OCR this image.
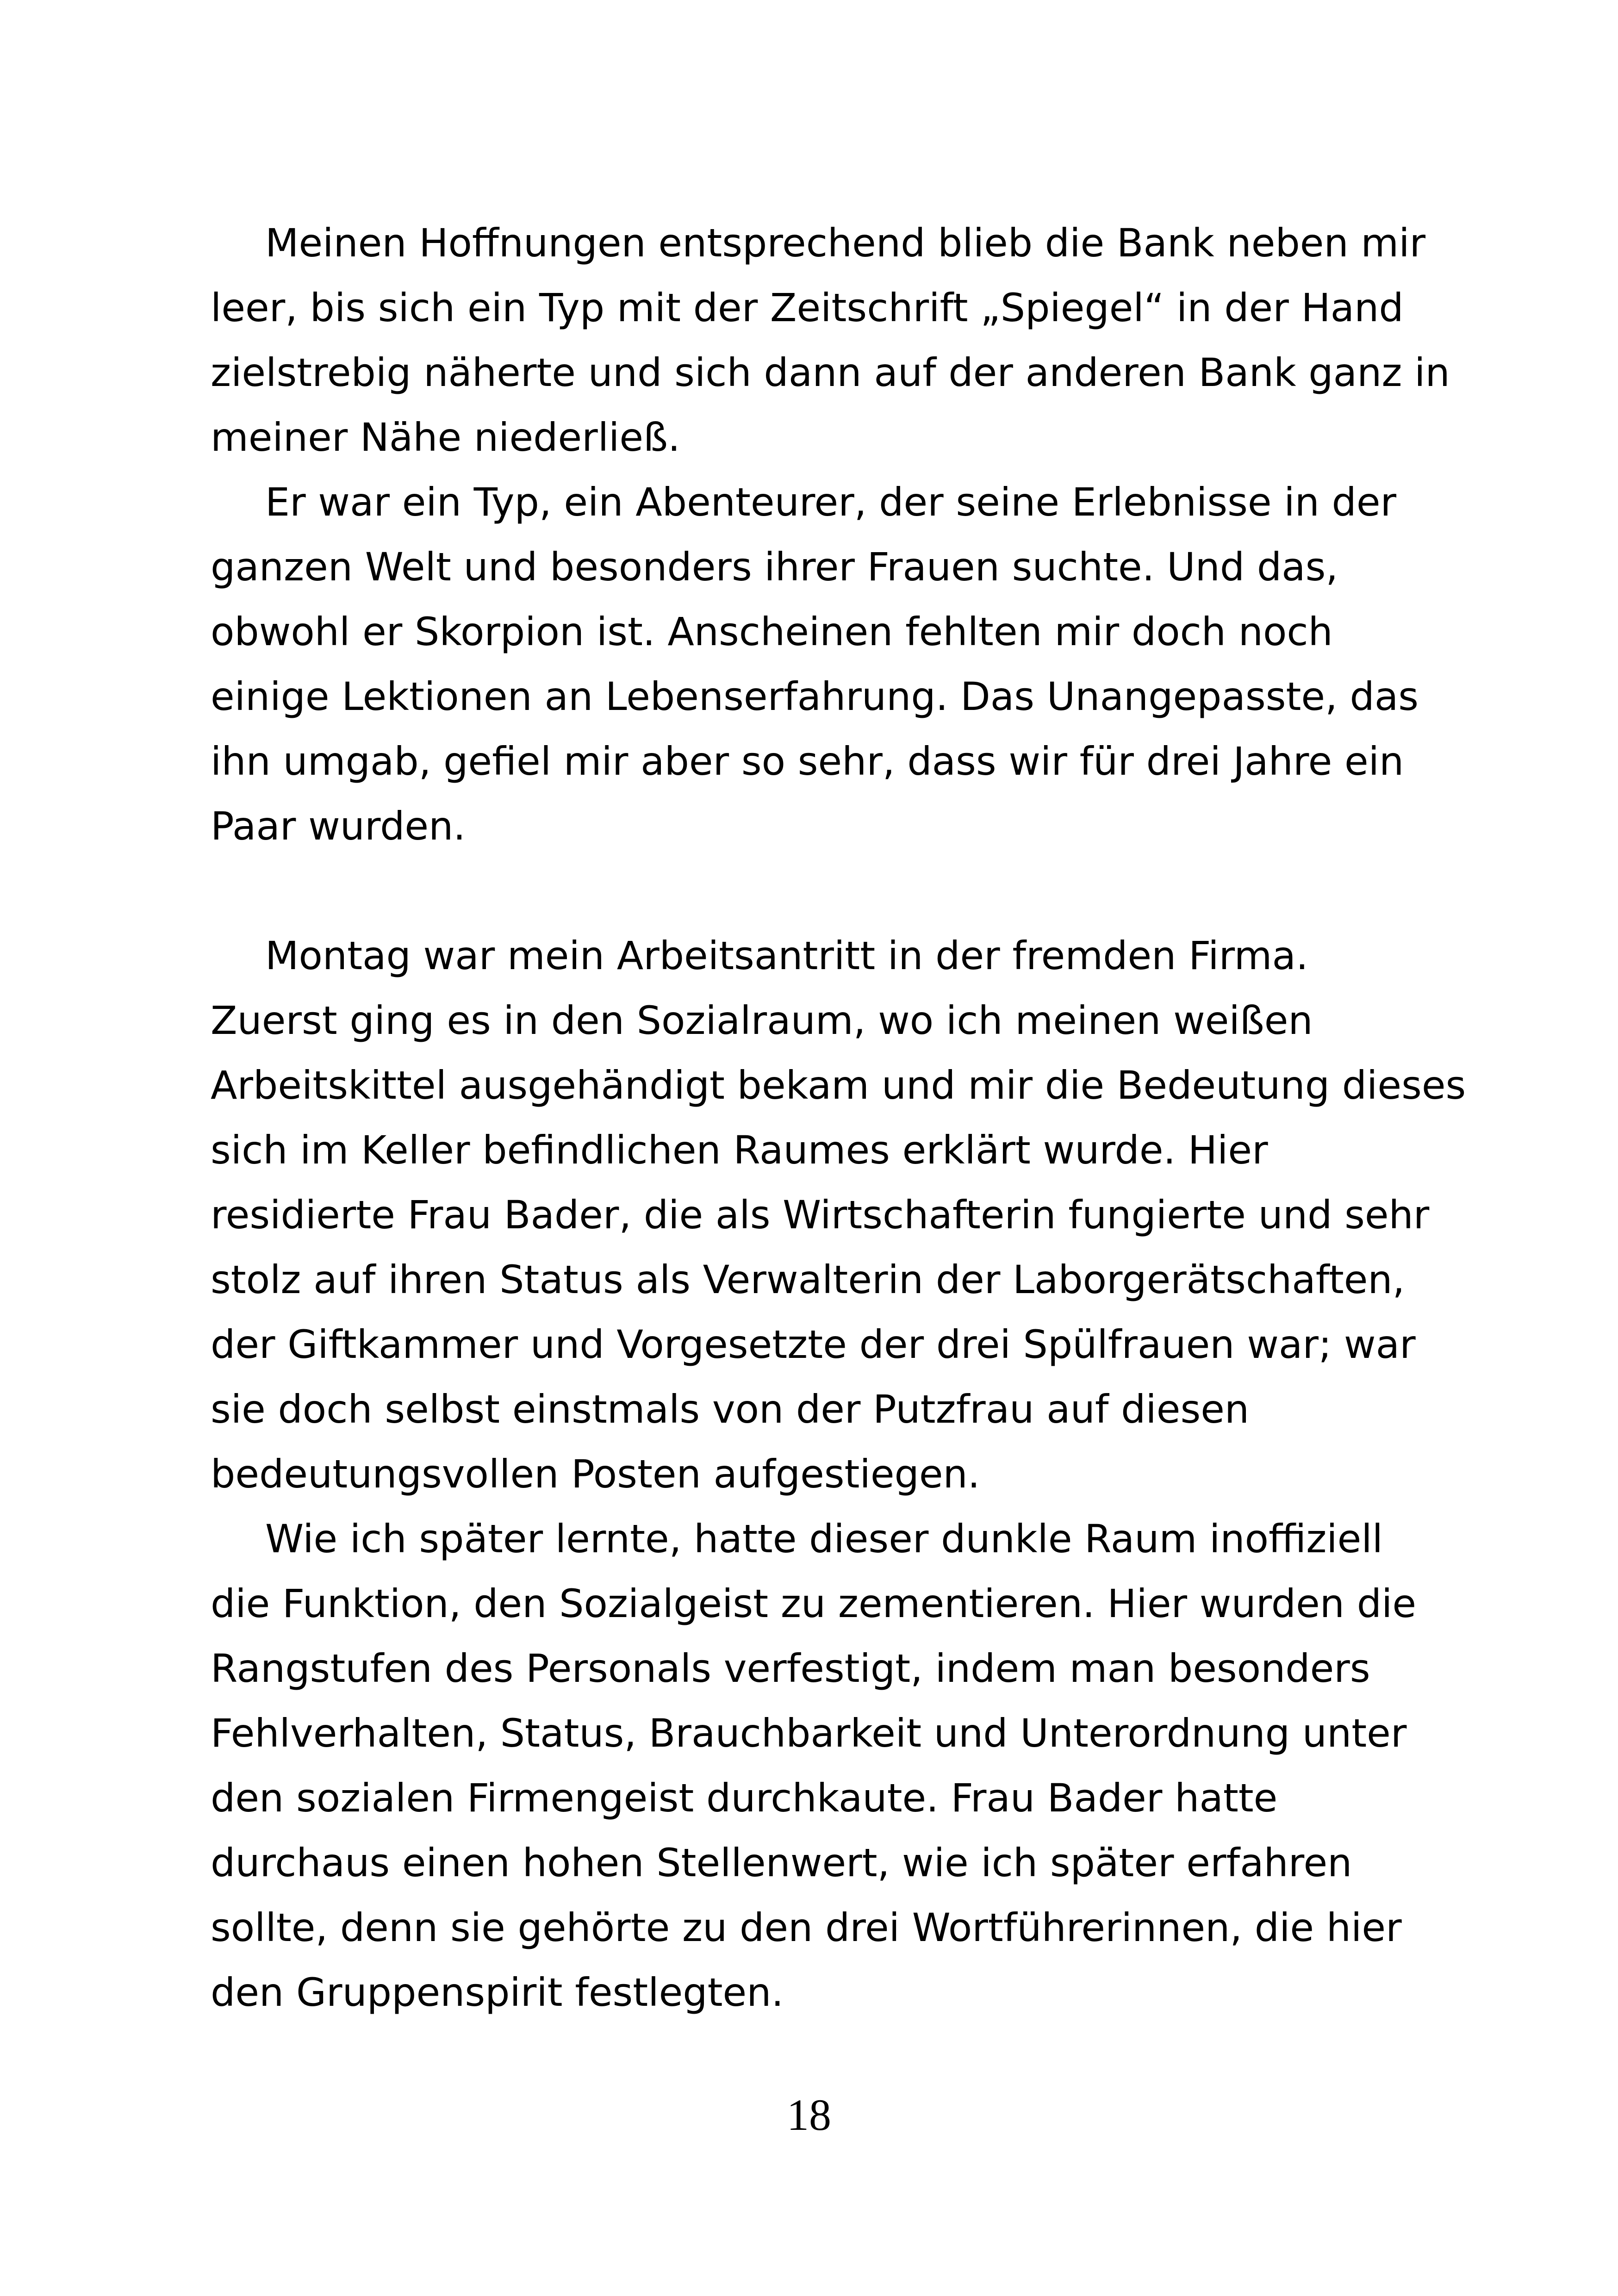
Meinen Hoffnungen entsprechend blieb die Bank neben mir
leer, bis sich ein Typ mit der Zeitschrift „Spiegel“ in der Hand
zielstrebig näherte und sich dann auf der anderen Bank ganz in
meiner Nähe niederließ.
Er war ein Typ, ein Abenteurer, der seine Erlebnisse in der
ganzen Welt und besonders ihrer Frauen suchte. Und das,
obwohl er Skorpion ist. Anscheinen fehlten mir doch noch
einige Lektionen an Lebenserfahrung. Das Unangepasste, das
ihn umgab, gefiel mir aber so sehr, dass wir für drei Jahre ein
Paar wurden.
Montag war mein Arbeitsantritt in der fremden Firma.
Zuerst ging es in den Sozialraum, wo ich meinen weißen
Arbeitskittel ausgehändigt bekam und mir die Bedeutung dieses
sich im Keller befindlichen Raumes erklärt wurde. Hier
residierte Frau Bader, die als Wirtschafterin fungierte und sehr
stolz auf ihren Status als Verwalterin der Laborgerätschaften,
der Giftkammer und Vorgesetzte der drei Spülfrauen war; war
sie doch selbst einstmals von der Putzfrau auf diesen
bedeutungsvollen Posten aufgestiegen.
Wie ich später lernte, hatte dieser dunkle Raum inoffiziell
die Funktion, den Sozialgeist zu zementieren. Hier wurden die
Rangstufen des Personals verfestigt, indem man besonders
Fehlverhalten, Status, Brauchbarkeit und Unterordnung unter
den sozialen Firmengeist durchkaute. Frau Bader hatte
durchaus einen hohen Stellenwert, wie ich später erfahren
sollte, denn sie gehörte zu den drei Wortführerinnen, die hier
den Gruppenspirit festlegten.
18
